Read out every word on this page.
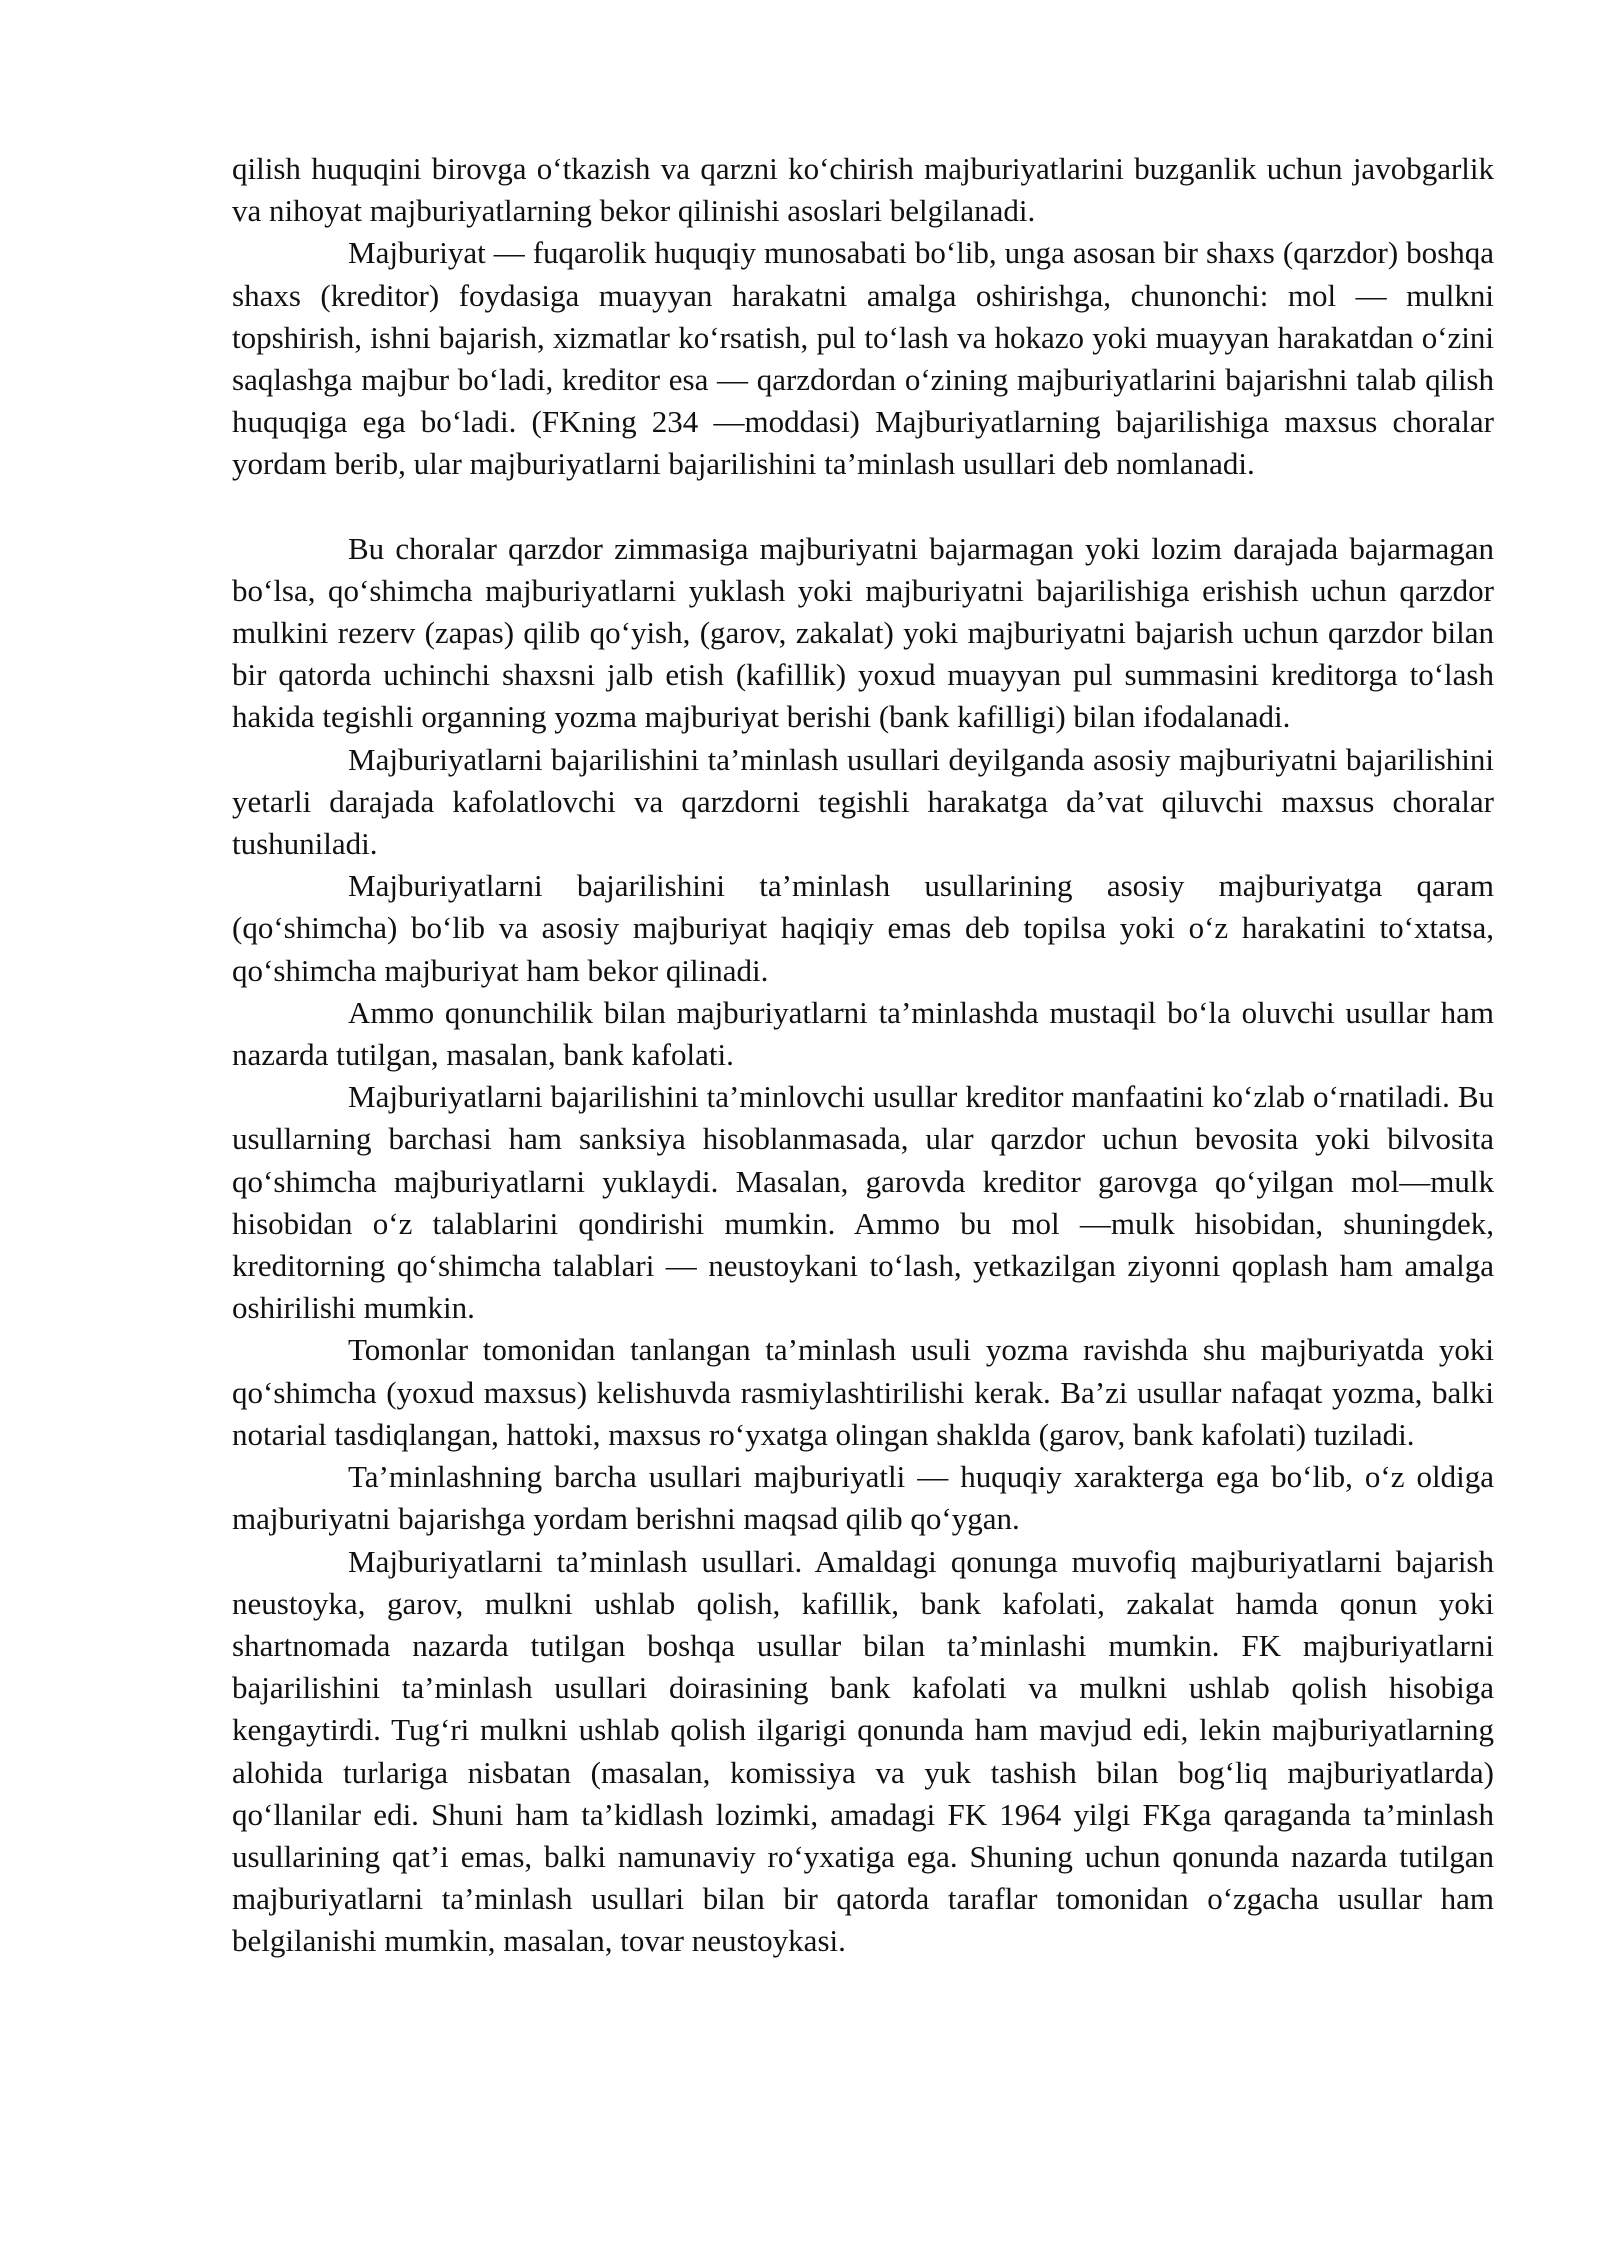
qilish huquqini birovga o‘tkazish va qarzni ko‘chirish majburiyatlarini buzganlik uchun javobgarlik va nihoyat majburiyatlarning bekor qilinishi asoslari belgilanadi.

Majburiyat — fuqarolik huquqiy munosabati bo‘lib, unga asosan bir shaxs (qarzdor) boshqa shaxs (kreditor) foydasiga muayyan harakatni amalga oshirishga, chunonchi: mol — mulkni topshirish, ishni bajarish, xizmatlar ko‘rsatish, pul to‘lash va hokazo yoki muayyan harakatdan o‘zini saqlashga majbur bo‘ladi, kreditor esa — qarzdordan o‘zining majburiyatlarini bajarishni talab qilish huquqiga ega bo‘ladi. (FKning 234 —moddasi) Majburiyatlarning bajarilishiga maxsus choralar yordam berib, ular majburiyatlarni bajarilishini ta’minlash usullari deb nomlanadi.

Bu choralar qarzdor zimmasiga majburiyatni bajarmagan yoki lozim darajada bajarmagan bo‘lsa, qo‘shimcha majburiyatlarni yuklash yoki majburiyatni bajarilishiga erishish uchun qarzdor mulkini rezerv (zapas) qilib qo‘yish, (garov, zakalat) yoki majburiyatni bajarish uchun qarzdor bilan bir qatorda uchinchi shaxsni jalb etish (kafillik) yoxud muayyan pul summasini kreditorga to‘lash hakida tegishli organning yozma majburiyat berishi (bank kafilligi) bilan ifodalanadi.

Majburiyatlarni bajarilishini ta’minlash usullari deyilganda asosiy majburiyatni bajarilishini yetarli darajada kafolatlovchi va qarzdorni tegishli harakatga da’vat qiluvchi maxsus choralar tushuniladi.

Majburiyatlarni bajarilishini ta’minlash usullarining asosiy majburiyatga qaram (qo‘shimcha) bo‘lib va asosiy majburiyat haqiqiy emas deb topilsa yoki o‘z harakatini to‘xtatsa, qo‘shimcha majburiyat ham bekor qilinadi.

Ammo qonunchilik bilan majburiyatlarni ta’minlashda mustaqil bo‘la oluvchi usullar ham nazarda tutilgan, masalan, bank kafolati.

Majburiyatlarni bajarilishini ta’minlovchi usullar kreditor manfaatini ko‘zlab o‘rnatiladi. Bu usullarning barchasi ham sanksiya hisoblanmasada, ular qarzdor uchun bevosita yoki bilvosita qo‘shimcha majburiyatlarni yuklaydi. Masalan, garovda kreditor garovga qo‘yilgan mol—mulk hisobidan o‘z talablarini qondirishi mumkin. Ammo bu mol —mulk hisobidan, shuningdek, kreditorning qo‘shimcha talablari — neustoykani to‘lash, yetkazilgan ziyonni qoplash ham amalga oshirilishi mumkin.

Tomonlar tomonidan tanlangan ta’minlash usuli yozma ravishda shu majburiyatda yoki qo‘shimcha (yoxud maxsus) kelishuvda rasmiylashtirilishi kerak. Ba’zi usullar nafaqat yozma, balki notarial tasdiqlangan, hattoki, maxsus ro‘yxatga olingan shaklda (garov, bank kafolati) tuziladi.

Ta’minlashning barcha usullari majburiyatli — huquqiy xarakterga ega bo‘lib, o‘z oldiga majburiyatni bajarishga yordam berishni maqsad qilib qo‘ygan.

Majburiyatlarni ta’minlash usullari. Amaldagi qonunga muvofiq majburiyatlarni bajarish neustoyka, garov, mulkni ushlab qolish, kafillik, bank kafolati, zakalat hamda qonun yoki shartnomada nazarda tutilgan boshqa usullar bilan ta’minlashi mumkin. FK majburiyatlarni bajarilishini ta’minlash usullari doirasining bank kafolati va mulkni ushlab qolish hisobiga kengaytirdi. Tug‘ri mulkni ushlab qolish ilgarigi qonunda ham mavjud edi, lekin majburiyatlarning alohida turlariga nisbatan (masalan, komissiya va yuk tashish bilan bog‘liq majburiyatlarda) qo‘llanilar edi. Shuni ham ta’kidlash lozimki, amadagi FK 1964 yilgi FKga qaraganda ta’minlash usullarining qat’i emas, balki namunaviy ro‘yxatiga ega. Shuning uchun qonunda nazarda tutilgan majburiyatlarni ta’minlash usullari bilan bir qatorda taraflar tomonidan o‘zgacha usullar ham belgilanishi mumkin, masalan, tovar neustoykasi.
